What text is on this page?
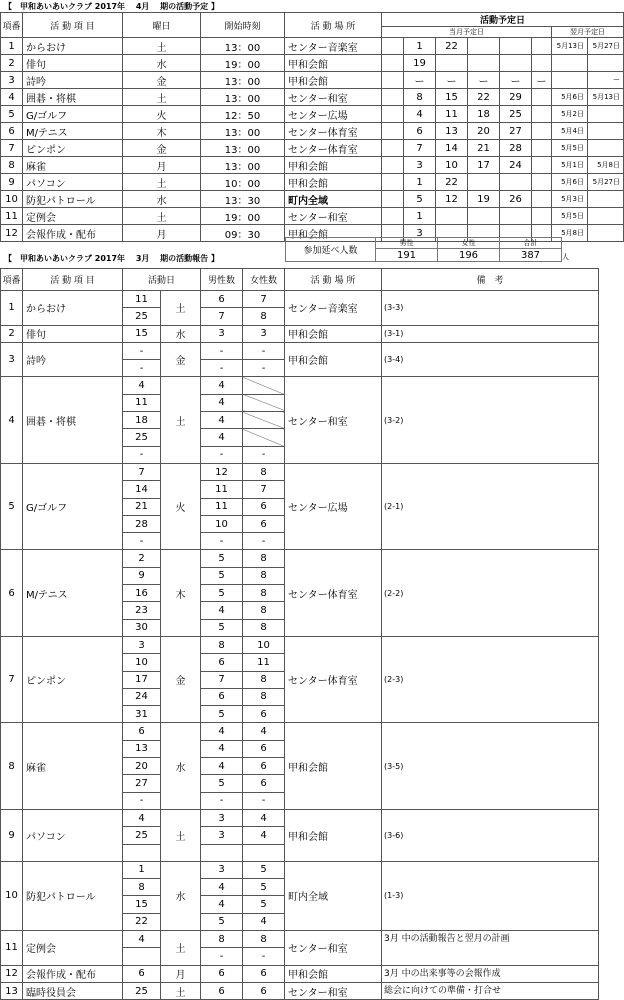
【　甲和あいあいクラブ 2017年　 4月　 期の活動予定 】
項番	活 動 項 目	曜日	開始時刻	活 動 場 所	活動予定日							
					当月予定日						翌月予定日	
1	からおけ	土	13：00	センター音楽室		1	22				5月13日	5月27日
2	俳句	水	19：00	甲和会館		19						
3	詩吟	金	13：00	甲和会館		ー	ー	ー	ー	ー		ー
4	囲碁・将棋	土	13：00	センター和室		8	15	22	29		5月6日	5月13日
5	G/ゴルフ	火	12：50	センター広場		4	11	18	25		5月2日	
6	M/テニス	木	13：00	センター体育室		6	13	20	27		5月4日	
7	ピンポン	金	13：00	センター体育室		7	14	21	28		5月5日	
8	麻雀	月	13：00	甲和会館		3	10	17	24		5月1日	5月8日
9	パソコン	土	10：00	甲和会館		1	22				5月6日	5月27日
10	防犯パトロール	水	13：30	町内全域		5	12	19	26		5月3日	
11	定例会	土	19：00	センター和室		1					5月5日	
12	会報作成・配布	月	09：30	甲和会館		3					5月8日	
参加延べ人数	男性	女性	合計	人
	191	196	387	
【　甲和あいあいクラブ 2017年　 3月　 期の活動報告 】
項番	活 動 項 目	活動日		男性数	女性数	活 動 場 所	備　考
1	からおけ	11	土	6	7	センター音楽室	(3-3)
		25		7	8		
2	俳句	15	水	3	3	甲和会館	(3-1)
3	詩吟	-	金	-	-	甲和会館	(3-4)
		-		-	-		
4	囲碁・将棋	4	土	4		センター和室	(3-2)
		11		4			
		18		4			
		25		4			
		-		-	-		
5	G/ゴルフ	7	火	12	8	センター広場	(2-1)
		14		11	7		
		21		11	6		
		28		10	6		
		-		-	-		
6	M/テニス	2	木	5	8	センター体育室	(2-2)
		9		5	8		
		16		5	8		
		23		4	8		
		30		5	8		
7	ピンポン	3	金	8	10	センター体育室	(2-3)
		10		6	11		
		17		7	8		
		24		6	8		
		31		5	6		
8	麻雀	6	水	4	4	甲和会館	(3-5)
		13		4	6		
		20		4	6		
		27		5	6		
		-		-	-		
9	パソコン	4	土	3	4	甲和会館	(3-6)
		25		3	4		

10	防犯パトロール	1	水	3	5	町内全域	(1-3)
		8		4	5		
		15		4	5		
		22		5	4		
11	定例会	4	土	8	8	センター和室	3月 中の活動報告と翌月の計画
				-	-		
12	会報作成・配布	6	月	6	6	甲和会館	3月 中の出来事等の会報作成
13	臨時役員会	25	土	6	6	センター和室	総会に向けての準備・打合せ
